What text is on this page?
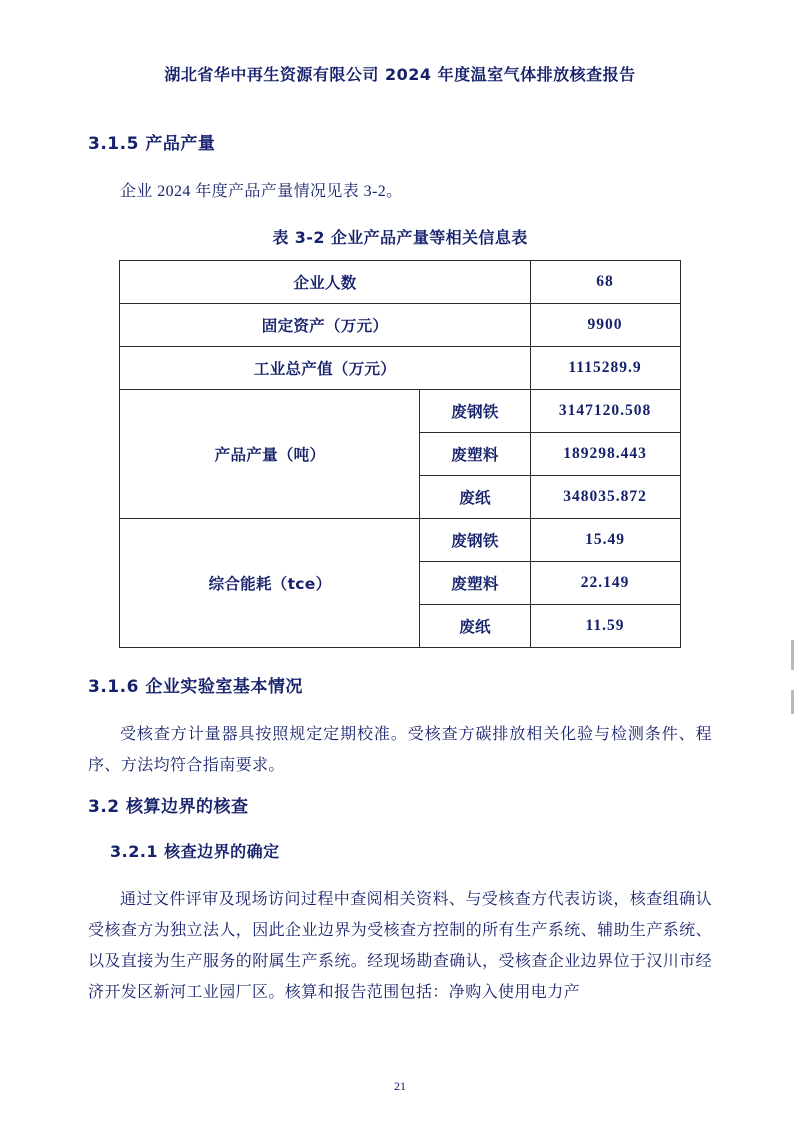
湖北省华中再生资源有限公司 2024 年度温室气体排放核查报告
3.1.5 产品产量

企业 2024 年度产品产量情况见表 3-2。

表 3-2 企业产品产量等相关信息表
企业人数		68
固定资产（万元）		9900
工业总产值（万元）		1115289.9
产品产量（吨）	废钢铁	3147120.508
	废塑料	189298.443
	废纸	348035.872
综合能耗（tce）	废钢铁	15.49
	废塑料	22.149
	废纸	11.59
3.1.6 企业实验室基本情况

受核查方计量器具按照规定定期校准。受核查方碳排放相关化验与检测条件、程序、方法均符合指南要求。

3.2 核算边界的核查
3.2.1 核查边界的确定

通过文件评审及现场访问过程中查阅相关资料、与受核查方代表访谈，核查组确认受核查方为独立法人，因此企业边界为受核查方控制的所有生产系统、辅助生产系统、以及直接为生产服务的附属生产系统。经现场勘查确认，受核查企业边界位于汉川市经济开发区新河工业园厂区。核算和报告范围包括：净购入使用电力产

21
